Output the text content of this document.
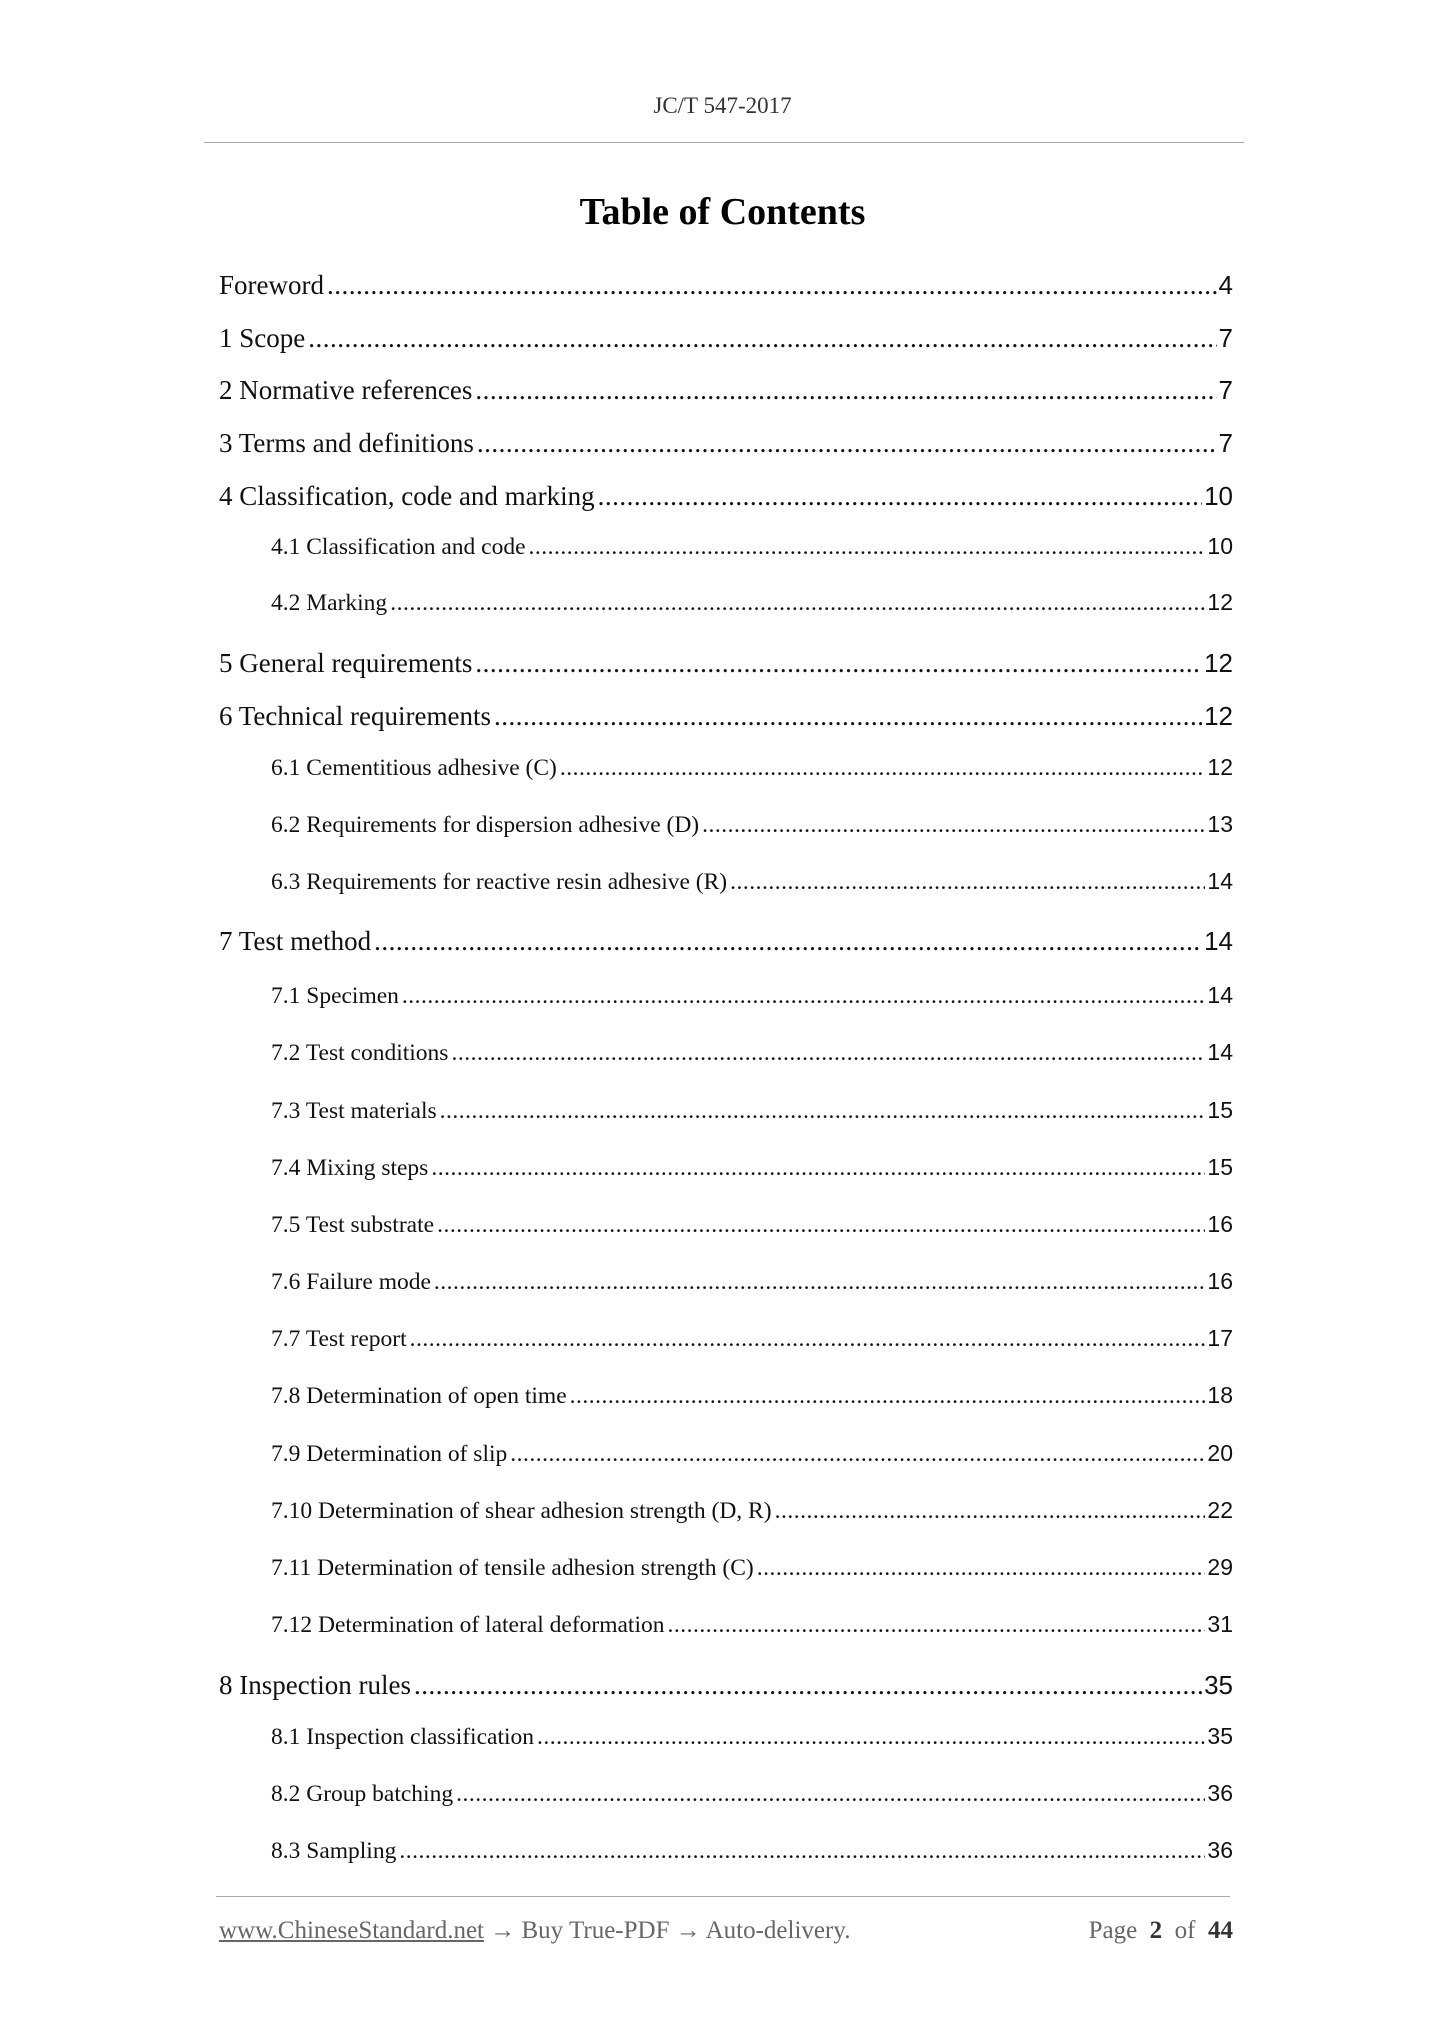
JC/T 547-2017
Table of Contents
Foreword .....	4
1 Scope .....	7
2 Normative references .....	7
3 Terms and definitions .....	7
4 Classification, code and marking .....	10
4.1 Classification and code .....	10
4.2 Marking .....	12
5 General requirements .....	12
6 Technical requirements .....	12
6.1 Cementitious adhesive (C) .....	12
6.2 Requirements for dispersion adhesive (D) .....	13
6.3 Requirements for reactive resin adhesive (R) .....	14
7 Test method .....	14
7.1 Specimen .....	14
7.2 Test conditions .....	14
7.3 Test materials .....	15
7.4 Mixing steps .....	15
7.5 Test substrate .....	16
7.6 Failure mode .....	16
7.7 Test report .....	17
7.8 Determination of open time .....	18
7.9 Determination of slip .....	20
7.10 Determination of shear adhesion strength (D, R) .....	22
7.11 Determination of tensile adhesion strength (C) .....	29
7.12 Determination of lateral deformation .....	31
8 Inspection rules .....	35
8.1 Inspection classification .....	35
8.2 Group batching .....	36
8.3 Sampling .....	36
www.ChineseStandard.net → Buy True-PDF → Auto-delivery.	Page 2 of 44
